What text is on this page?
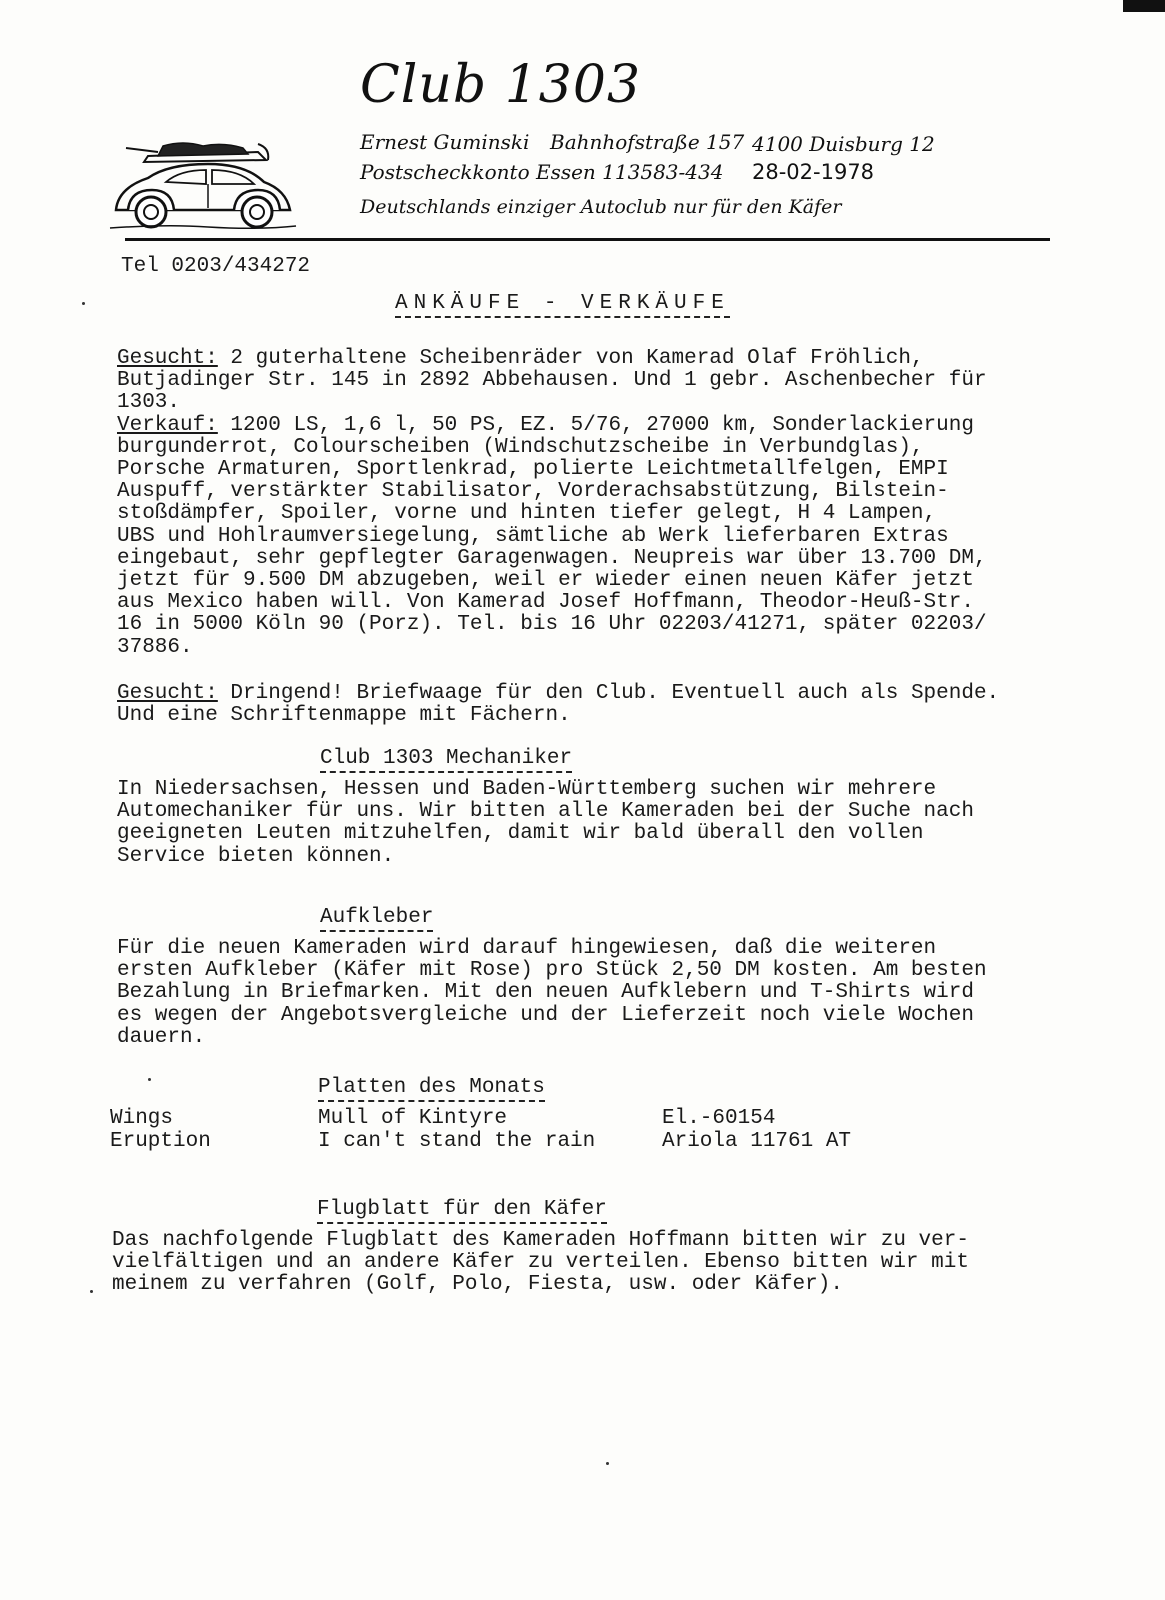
Club 1303
Ernest Guminski Bahnhofstraße 157 4100 Duisburg 12
Postscheckkonto Essen 113583-434 28-02-1978
Deutschlands einziger Autoclub nur für den Käfer
Tel 0203/434272
ANKÄUFE - VERKÄUFE
Gesucht: 2 guterhaltene Scheibenräder von Kamerad Olaf Fröhlich,
Butjadinger Str. 145 in 2892 Abbehausen. Und 1 gebr. Aschenbecher für
1303.
Verkauf: 1200 LS, 1,6 l, 50 PS, EZ. 5/76, 27000 km, Sonderlackierung
burgunderrot, Colourscheiben (Windschutzscheibe in Verbundglas),
Porsche Armaturen, Sportlenkrad, polierte Leichtmetallfelgen, EMPI
Auspuff, verstärkter Stabilisator, Vorderachsabstützung, Bilstein-
stoßdämpfer, Spoiler, vorne und hinten tiefer gelegt, H 4 Lampen,
UBS und Hohlraumversiegelung, sämtliche ab Werk lieferbaren Extras
eingebaut, sehr gepflegter Garagenwagen. Neupreis war über 13.700 DM,
jetzt für 9.500 DM abzugeben, weil er wieder einen neuen Käfer jetzt
aus Mexico haben will. Von Kamerad Josef Hoffmann, Theodor-Heuß-Str.
16 in 5000 Köln 90 (Porz). Tel. bis 16 Uhr 02203/41271, später 02203/
37886.
Gesucht: Dringend! Briefwaage für den Club. Eventuell auch als Spende.
Und eine Schriftenmappe mit Fächern.
Club 1303 Mechaniker
In Niedersachsen, Hessen und Baden-Württemberg suchen wir mehrere
Automechaniker für uns. Wir bitten alle Kameraden bei der Suche nach
geeigneten Leuten mitzuhelfen, damit wir bald überall den vollen
Service bieten können.
Aufkleber
Für die neuen Kameraden wird darauf hingewiesen, daß die weiteren
ersten Aufkleber (Käfer mit Rose) pro Stück 2,50 DM kosten. Am besten
Bezahlung in Briefmarken. Mit den neuen Aufklebern und T-Shirts wird
es wegen der Angebotsvergleiche und der Lieferzeit noch viele Wochen
dauern.
Platten des Monats
Wings	Mull of Kintyre	El.-60154
Eruption	I can't stand the rain	Ariola 11761 AT
Flugblatt für den Käfer
Das nachfolgende Flugblatt des Kameraden Hoffmann bitten wir zu ver-
vielfältigen und an andere Käfer zu verteilen. Ebenso bitten wir mit
meinem zu verfahren (Golf, Polo, Fiesta, usw. oder Käfer).
